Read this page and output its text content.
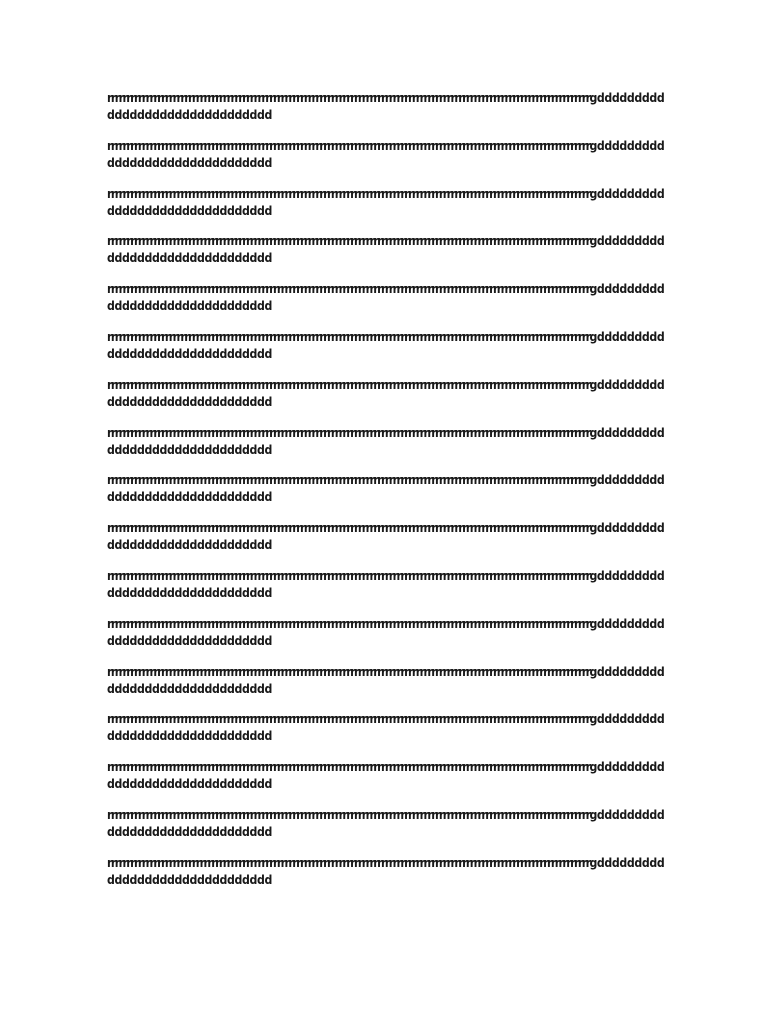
rrrrrrrrrrrrrrrrrrrrrrrrrrrrrrrrrrrrrrrrrrrrrrrrrrrrrrrrrrrrrrrrrrrrrrrrrrrrrrrrrrrrrrrrrrrrrrrrrrrrrrrrrrrrrrrrrrrrrrrrrrrrrgddddddddd
dddddddddddddddddddddd
rrrrrrrrrrrrrrrrrrrrrrrrrrrrrrrrrrrrrrrrrrrrrrrrrrrrrrrrrrrrrrrrrrrrrrrrrrrrrrrrrrrrrrrrrrrrrrrrrrrrrrrrrrrrrrrrrrrrrrrrrrrrrgddddddddd
dddddddddddddddddddddd
rrrrrrrrrrrrrrrrrrrrrrrrrrrrrrrrrrrrrrrrrrrrrrrrrrrrrrrrrrrrrrrrrrrrrrrrrrrrrrrrrrrrrrrrrrrrrrrrrrrrrrrrrrrrrrrrrrrrrrrrrrrrrgddddddddd
dddddddddddddddddddddd
rrrrrrrrrrrrrrrrrrrrrrrrrrrrrrrrrrrrrrrrrrrrrrrrrrrrrrrrrrrrrrrrrrrrrrrrrrrrrrrrrrrrrrrrrrrrrrrrrrrrrrrrrrrrrrrrrrrrrrrrrrrrrgddddddddd
dddddddddddddddddddddd
rrrrrrrrrrrrrrrrrrrrrrrrrrrrrrrrrrrrrrrrrrrrrrrrrrrrrrrrrrrrrrrrrrrrrrrrrrrrrrrrrrrrrrrrrrrrrrrrrrrrrrrrrrrrrrrrrrrrrrrrrrrrrgddddddddd
dddddddddddddddddddddd
rrrrrrrrrrrrrrrrrrrrrrrrrrrrrrrrrrrrrrrrrrrrrrrrrrrrrrrrrrrrrrrrrrrrrrrrrrrrrrrrrrrrrrrrrrrrrrrrrrrrrrrrrrrrrrrrrrrrrrrrrrrrrgddddddddd
dddddddddddddddddddddd
rrrrrrrrrrrrrrrrrrrrrrrrrrrrrrrrrrrrrrrrrrrrrrrrrrrrrrrrrrrrrrrrrrrrrrrrrrrrrrrrrrrrrrrrrrrrrrrrrrrrrrrrrrrrrrrrrrrrrrrrrrrrrgddddddddd
dddddddddddddddddddddd
rrrrrrrrrrrrrrrrrrrrrrrrrrrrrrrrrrrrrrrrrrrrrrrrrrrrrrrrrrrrrrrrrrrrrrrrrrrrrrrrrrrrrrrrrrrrrrrrrrrrrrrrrrrrrrrrrrrrrrrrrrrrrgddddddddd
dddddddddddddddddddddd
rrrrrrrrrrrrrrrrrrrrrrrrrrrrrrrrrrrrrrrrrrrrrrrrrrrrrrrrrrrrrrrrrrrrrrrrrrrrrrrrrrrrrrrrrrrrrrrrrrrrrrrrrrrrrrrrrrrrrrrrrrrrrgddddddddd
dddddddddddddddddddddd
rrrrrrrrrrrrrrrrrrrrrrrrrrrrrrrrrrrrrrrrrrrrrrrrrrrrrrrrrrrrrrrrrrrrrrrrrrrrrrrrrrrrrrrrrrrrrrrrrrrrrrrrrrrrrrrrrrrrrrrrrrrrrgddddddddd
dddddddddddddddddddddd
rrrrrrrrrrrrrrrrrrrrrrrrrrrrrrrrrrrrrrrrrrrrrrrrrrrrrrrrrrrrrrrrrrrrrrrrrrrrrrrrrrrrrrrrrrrrrrrrrrrrrrrrrrrrrrrrrrrrrrrrrrrrrgddddddddd
dddddddddddddddddddddd
rrrrrrrrrrrrrrrrrrrrrrrrrrrrrrrrrrrrrrrrrrrrrrrrrrrrrrrrrrrrrrrrrrrrrrrrrrrrrrrrrrrrrrrrrrrrrrrrrrrrrrrrrrrrrrrrrrrrrrrrrrrrrgddddddddd
dddddddddddddddddddddd
rrrrrrrrrrrrrrrrrrrrrrrrrrrrrrrrrrrrrrrrrrrrrrrrrrrrrrrrrrrrrrrrrrrrrrrrrrrrrrrrrrrrrrrrrrrrrrrrrrrrrrrrrrrrrrrrrrrrrrrrrrrrrgddddddddd
dddddddddddddddddddddd
rrrrrrrrrrrrrrrrrrrrrrrrrrrrrrrrrrrrrrrrrrrrrrrrrrrrrrrrrrrrrrrrrrrrrrrrrrrrrrrrrrrrrrrrrrrrrrrrrrrrrrrrrrrrrrrrrrrrrrrrrrrrrgddddddddd
dddddddddddddddddddddd
rrrrrrrrrrrrrrrrrrrrrrrrrrrrrrrrrrrrrrrrrrrrrrrrrrrrrrrrrrrrrrrrrrrrrrrrrrrrrrrrrrrrrrrrrrrrrrrrrrrrrrrrrrrrrrrrrrrrrrrrrrrrrgddddddddd
dddddddddddddddddddddd
rrrrrrrrrrrrrrrrrrrrrrrrrrrrrrrrrrrrrrrrrrrrrrrrrrrrrrrrrrrrrrrrrrrrrrrrrrrrrrrrrrrrrrrrrrrrrrrrrrrrrrrrrrrrrrrrrrrrrrrrrrrrrgddddddddd
dddddddddddddddddddddd
rrrrrrrrrrrrrrrrrrrrrrrrrrrrrrrrrrrrrrrrrrrrrrrrrrrrrrrrrrrrrrrrrrrrrrrrrrrrrrrrrrrrrrrrrrrrrrrrrrrrrrrrrrrrrrrrrrrrrrrrrrrrrgddddddddd
dddddddddddddddddddddd
